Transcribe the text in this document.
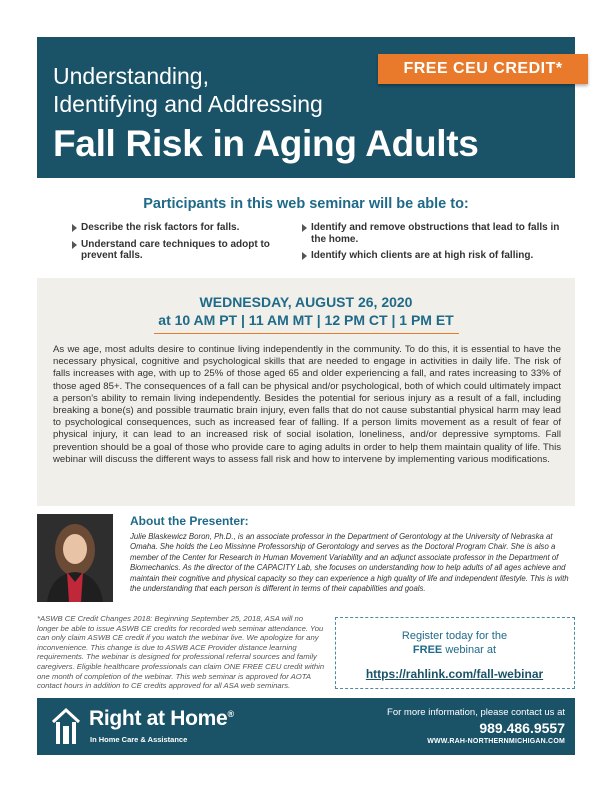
Understanding,
Identifying and Addressing
Fall Risk in Aging Adults
FREE CEU CREDIT*
Participants in this web seminar will be able to:
Describe the risk factors for falls.
Understand care techniques to adopt to prevent falls.
Identify and remove obstructions that lead to falls in the home.
Identify which clients are at high risk of falling.
WEDNESDAY, AUGUST 26, 2020
at 10 AM PT | 11 AM MT | 12 PM CT | 1 PM ET
As we age, most adults desire to continue living independently in the community. To do this, it is essential to have the necessary physical, cognitive and psychological skills that are needed to engage in activities in daily life. The risk of falls increases with age, with up to 25% of those aged 65 and older experiencing a fall, and rates increasing to 33% of those aged 85+. The consequences of a fall can be physical and/or psychological, both of which could ultimately impact a person's ability to remain living independently. Besides the potential for serious injury as a result of a fall, including breaking a bone(s) and possible traumatic brain injury, even falls that do not cause substantial physical harm may lead to psychological consequences, such as increased fear of falling. If a person limits movement as a result of fear of physical injury, it can lead to an increased risk of social isolation, loneliness, and/or depressive symptoms. Fall prevention should be a goal of those who provide care to aging adults in order to help them maintain quality of life. This webinar will discuss the different ways to assess fall risk and how to intervene by implementing various modifications.
About the Presenter:
Julie Blaskewicz Boron, Ph.D., is an associate professor in the Department of Gerontology at the University of Nebraska at Omaha. She holds the Leo Missinne Professorship of Gerontology and serves as the Doctoral Program Chair. She is also a member of the Center for Research in Human Movement Variability and an adjunct associate professor in the Department of Biomechanics. As the director of the CAPACITY Lab, she focuses on understanding how to help adults of all ages achieve and maintain their cognitive and physical capacity so they can experience a high quality of life and independent lifestyle. This is with the understanding that each person is different in terms of their capabilities and goals.
*ASWB CE Credit Changes 2018: Beginning September 25, 2018, ASA will no longer be able to issue ASWB CE credits for recorded web seminar attendance. You can only claim ASWB CE credit if you watch the webinar live. We apologize for any inconvenience. This change is due to ASWB ACE Provider distance learning requirements. The webinar is designed for professional referral sources and family caregivers. Eligible healthcare professionals can claim ONE FREE CEU credit within one month of completion of the webinar. This web seminar is approved for AOTA contact hours in addition to CE credits approved for all ASA web seminars.
Register today for the
FREE webinar at
https://rahlink.com/fall-webinar
Right at Home®
In Home Care & Assistance
For more information, please contact us at
989.486.9557
WWW.RAH-NORTHERNMICHIGAN.COM
